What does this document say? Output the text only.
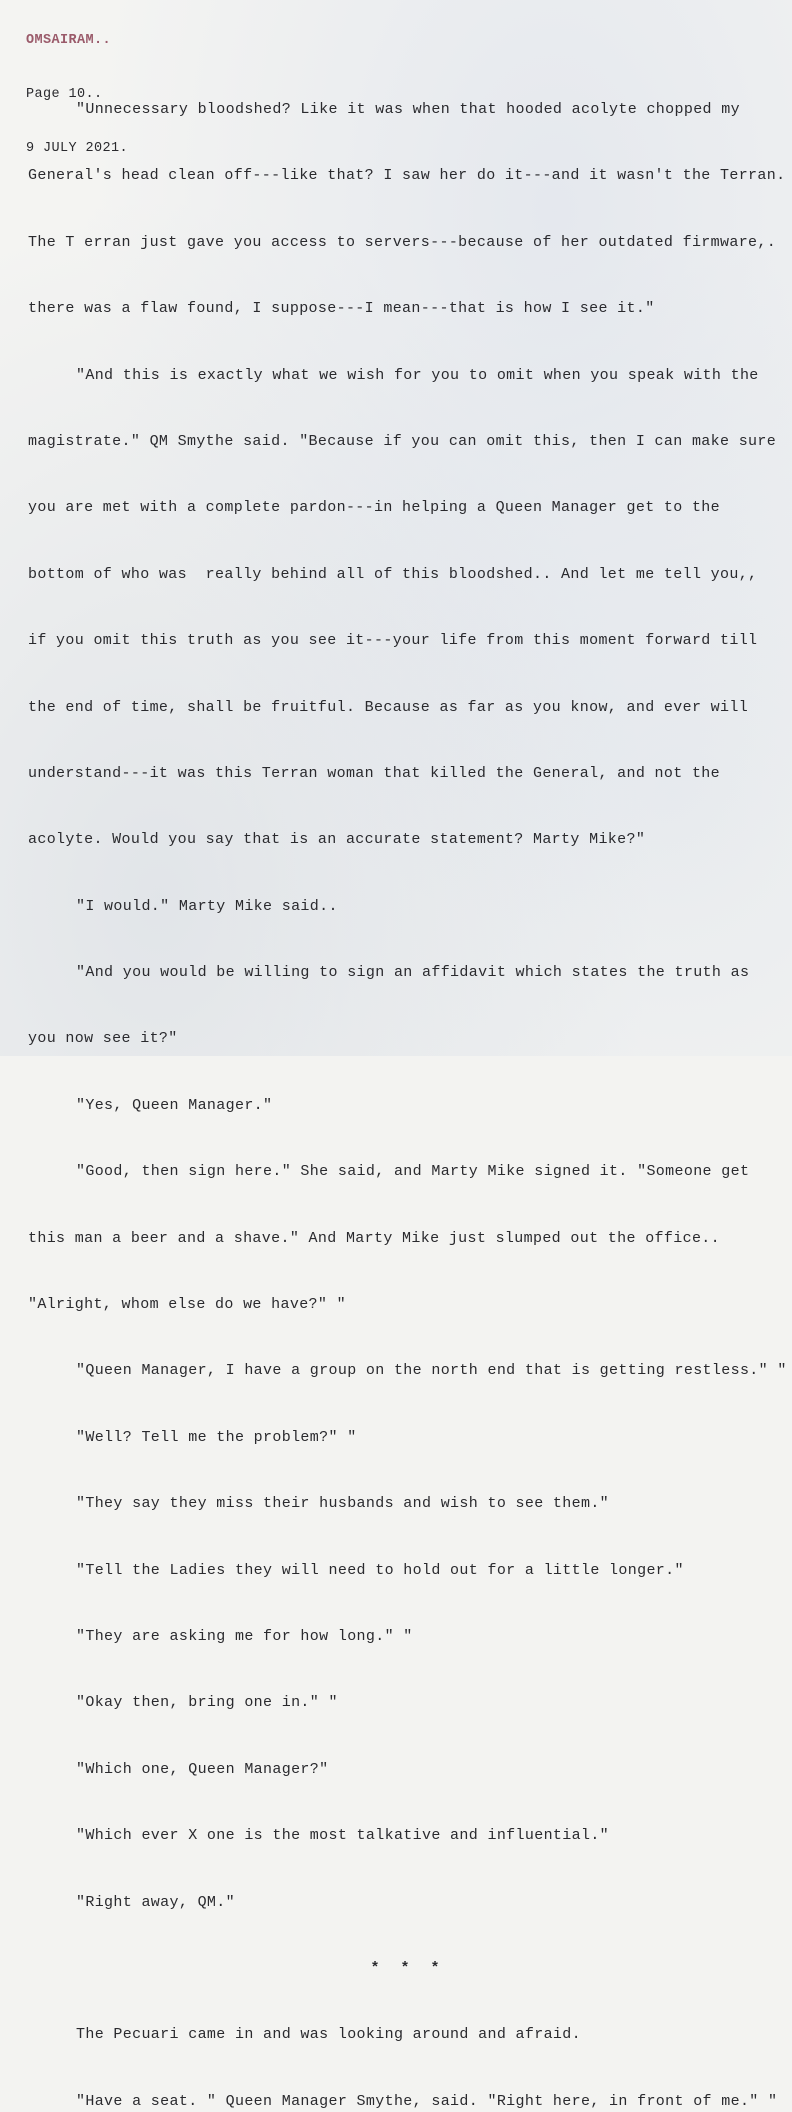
OMSAIRAM..

Page 10..

9 JULY 2021.

"Unnecessary bloodshed? Like it was when that hooded acolyte chopped my

General's head clean off---like that? I saw her do it---and it wasn't the Terran.

The T erran just gave you access to servers---because of her outdated firmware,.

there was a flaw found, I suppose---I mean---that is how I see it."

"And this is exactly what we wish for you to omit when you speak with the

magistrate." QM Smythe said. "Because if you can omit this, then I can make sure

you are met with a complete pardon---in helping a Queen Manager get to the

bottom of who was  really behind all of this bloodshed.. And let me tell you,,

if you omit this truth as you see it---your life from this moment forward till

the end of time, shall be fruitful. Because as far as you know, and ever will

understand---it was this Terran woman that killed the General, and not the

acolyte. Would you say that is an accurate statement? Marty Mike?"

"I would." Marty Mike said..

"And you would be willing to sign an affidavit which states the truth as

you now see it?"

"Yes, Queen Manager."

"Good, then sign here." She said, and Marty Mike signed it. "Someone get

this man a beer and a shave." And Marty Mike just slumped out the office..

"Alright, whom else do we have?" "

"Queen Manager, I have a group on the north end that is getting restless." "

"Well? Tell me the problem?" "

"They say they miss their husbands and wish to see them."

"Tell the Ladies they will need to hold out for a little longer."

"They are asking me for how long." "

"Okay then, bring one in." "

"Which one, Queen Manager?"

"Which ever X one is the most talkative and influential."

"Right away, QM."

* * *

The Pecuari came in and was looking around and afraid.

"Have a seat. " Queen Manager Smythe, said. "Right here, in front of me." "
